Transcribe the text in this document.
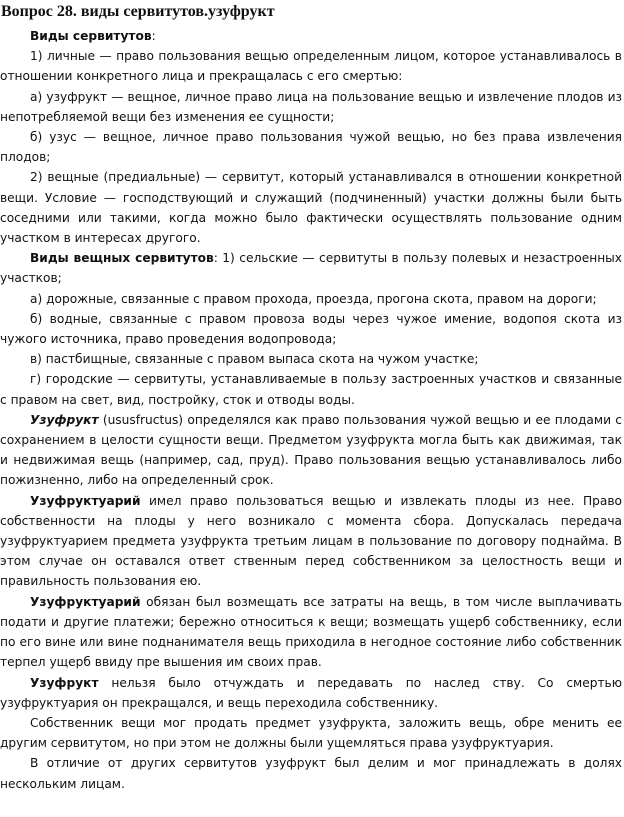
Вопрос 28. виды сервитутов.узуфрукт

Виды сервитутов:

1) личные — право пользования вещью определенным лицом, которое устанавливалось в отношении конкретного лица и прекращалась с его смертью:

а) узуфрукт — вещное, личное право лица на пользование вещью и извлечение плодов из непотребляемой вещи без изменения ее сущности;

б) узус — вещное, личное право пользования чужой вещью, но без права извлечения плодов;

2) вещные (предиальные) — сервитут, который устанавливался в отношении конкретной вещи. Условие — господствующий и служащий (подчиненный) участки должны были быть соседними или такими, когда можно было фактически осуществлять пользование одним участком в интересах другого.

Виды вещных сервитутов: 1) сельские — сервитуты в пользу полевых и незастроенных участков;

а) дорожные, связанные с правом прохода, проезда, прогона скота, правом на дороги;

б) водные, связанные с правом провоза воды через чужое имение, водопоя скота из чужого источника, право проведения водопровода;

в) пастбищные, связанные с правом выпаса скота на чужом участке;

г) городские — сервитуты, устанавливаемые в пользу застроенных участков и связанные с правом на свет, вид, постройку, сток и отводы воды.

Узуфрукт (ususfructus) определялся как право пользования чужой вещью и ее плодами с сохранением в целости сущности вещи. Предметом узуфрукта могла быть как движимая, так и недвижимая вещь (например, сад, пруд). Право пользования вещью устанавливалось либо пожизненно, либо на определенный срок.

Узуфруктуарий имел право пользоваться вещью и извлекать плоды из нее. Право собственности на плоды у него возникало с момента сбора. Допускалась передача узуфруктуарием предмета узуфрукта третьим лицам в пользование по договору поднайма. В этом случае он оставался ответ ственным перед собственником за целостность вещи и правильность пользования ею.

Узуфруктуарий обязан был возмещать все затраты на вещь, в том числе выплачивать подати и другие платежи; бережно относиться к вещи; возмещать ущерб собственнику, если по его вине или вине поднанимателя вещь приходила в негодное состояние либо собственник терпел ущерб ввиду пре вышения им своих прав.

Узуфрукт нельзя было отчуждать и передавать по наслед ству. Со смертью узуфруктуария он прекращался, и вещь переходила собственнику.

Собственник вещи мог продать предмет узуфрукта, заложить вещь, обре менить ее другим сервитутом, но при этом не должны были ущемляться права узуфруктуария.

В отличие от других сервитутов узуфрукт был делим и мог принадлежать в долях нескольким лицам.
